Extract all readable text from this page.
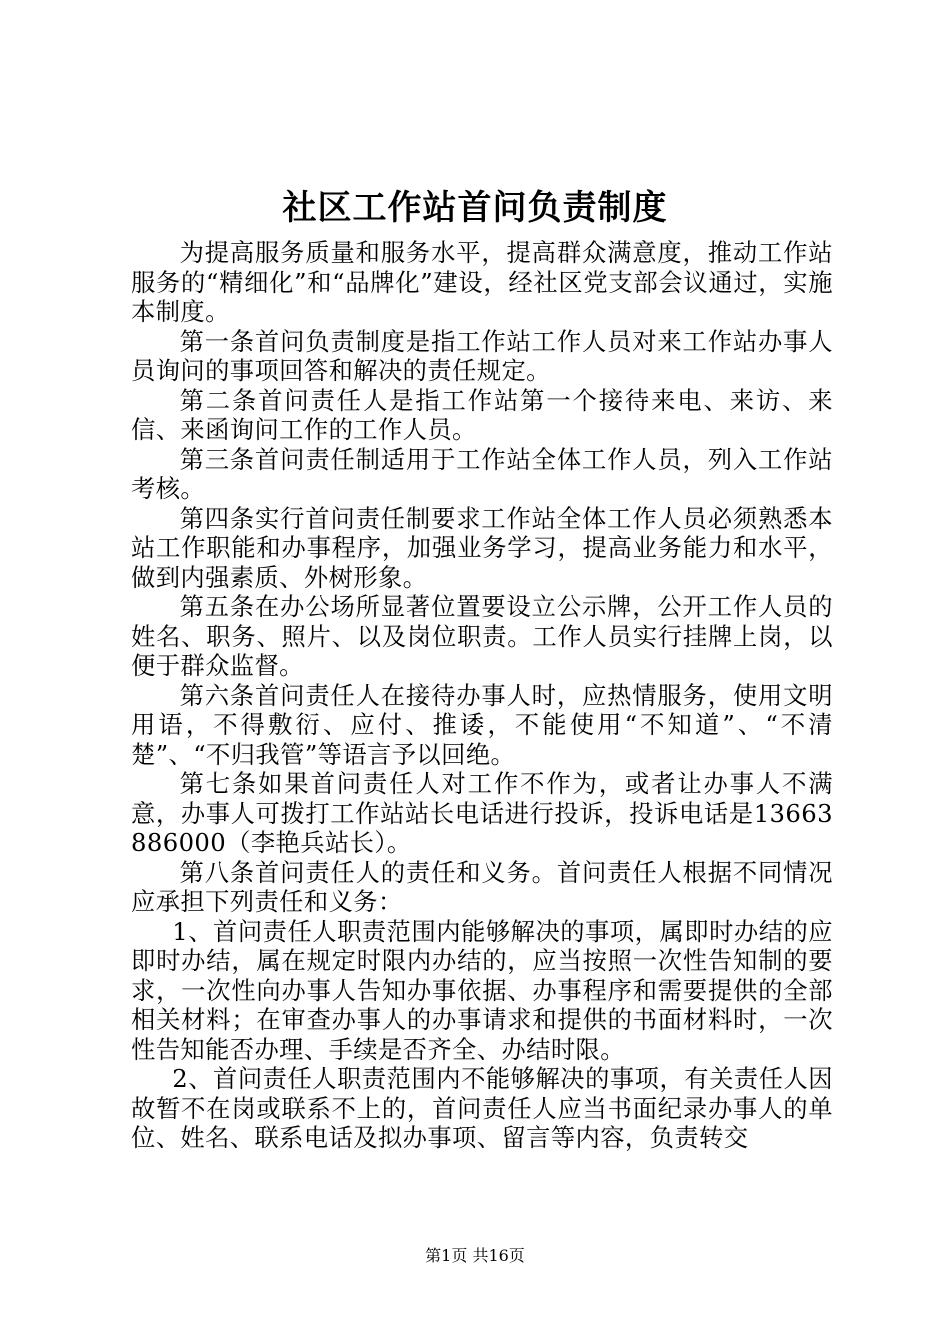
社区工作站首问负责制度

为提高服务质量和服务水平，提高群众满意度，推动工作站服务的“精细化”和“品牌化”建设，经社区党支部会议通过，实施本制度。

第一条首问负责制度是指工作站工作人员对来工作站办事人员询问的事项回答和解决的责任规定。

第二条首问责任人是指工作站第一个接待来电、来访、来信、来函询问工作的工作人员。

第三条首问责任制适用于工作站全体工作人员，列入工作站考核。

第四条实行首问责任制要求工作站全体工作人员必须熟悉本站工作职能和办事程序，加强业务学习，提高业务能力和水平，做到内强素质、外树形象。

第五条在办公场所显著位置要设立公示牌，公开工作人员的姓名、职务、照片、以及岗位职责。工作人员实行挂牌上岗，以便于群众监督。

第六条首问责任人在接待办事人时，应热情服务，使用文明用语，不得敷衍、应付、推诿，不能使用“不知道”、“不清楚”、“不归我管”等语言予以回绝。

第七条如果首问责任人对工作不作为，或者让办事人不满意，办事人可拨打工作站站长电话进行投诉，投诉电话是13663886000（李艳兵站长）。

第八条首问责任人的责任和义务。首问责任人根据不同情况应承担下列责任和义务：

1、首问责任人职责范围内能够解决的事项，属即时办结的应即时办结，属在规定时限内办结的，应当按照一次性告知制的要求，一次性向办事人告知办事依据、办事程序和需要提供的全部相关材料；在审查办事人的办事请求和提供的书面材料时，一次性告知能否办理、手续是否齐全、办结时限。

2、首问责任人职责范围内不能够解决的事项，有关责任人因故暂不在岗或联系不上的，首问责任人应当书面纪录办事人的单位、姓名、联系电话及拟办事项、留言等内容，负责转交

第1页 共16页
